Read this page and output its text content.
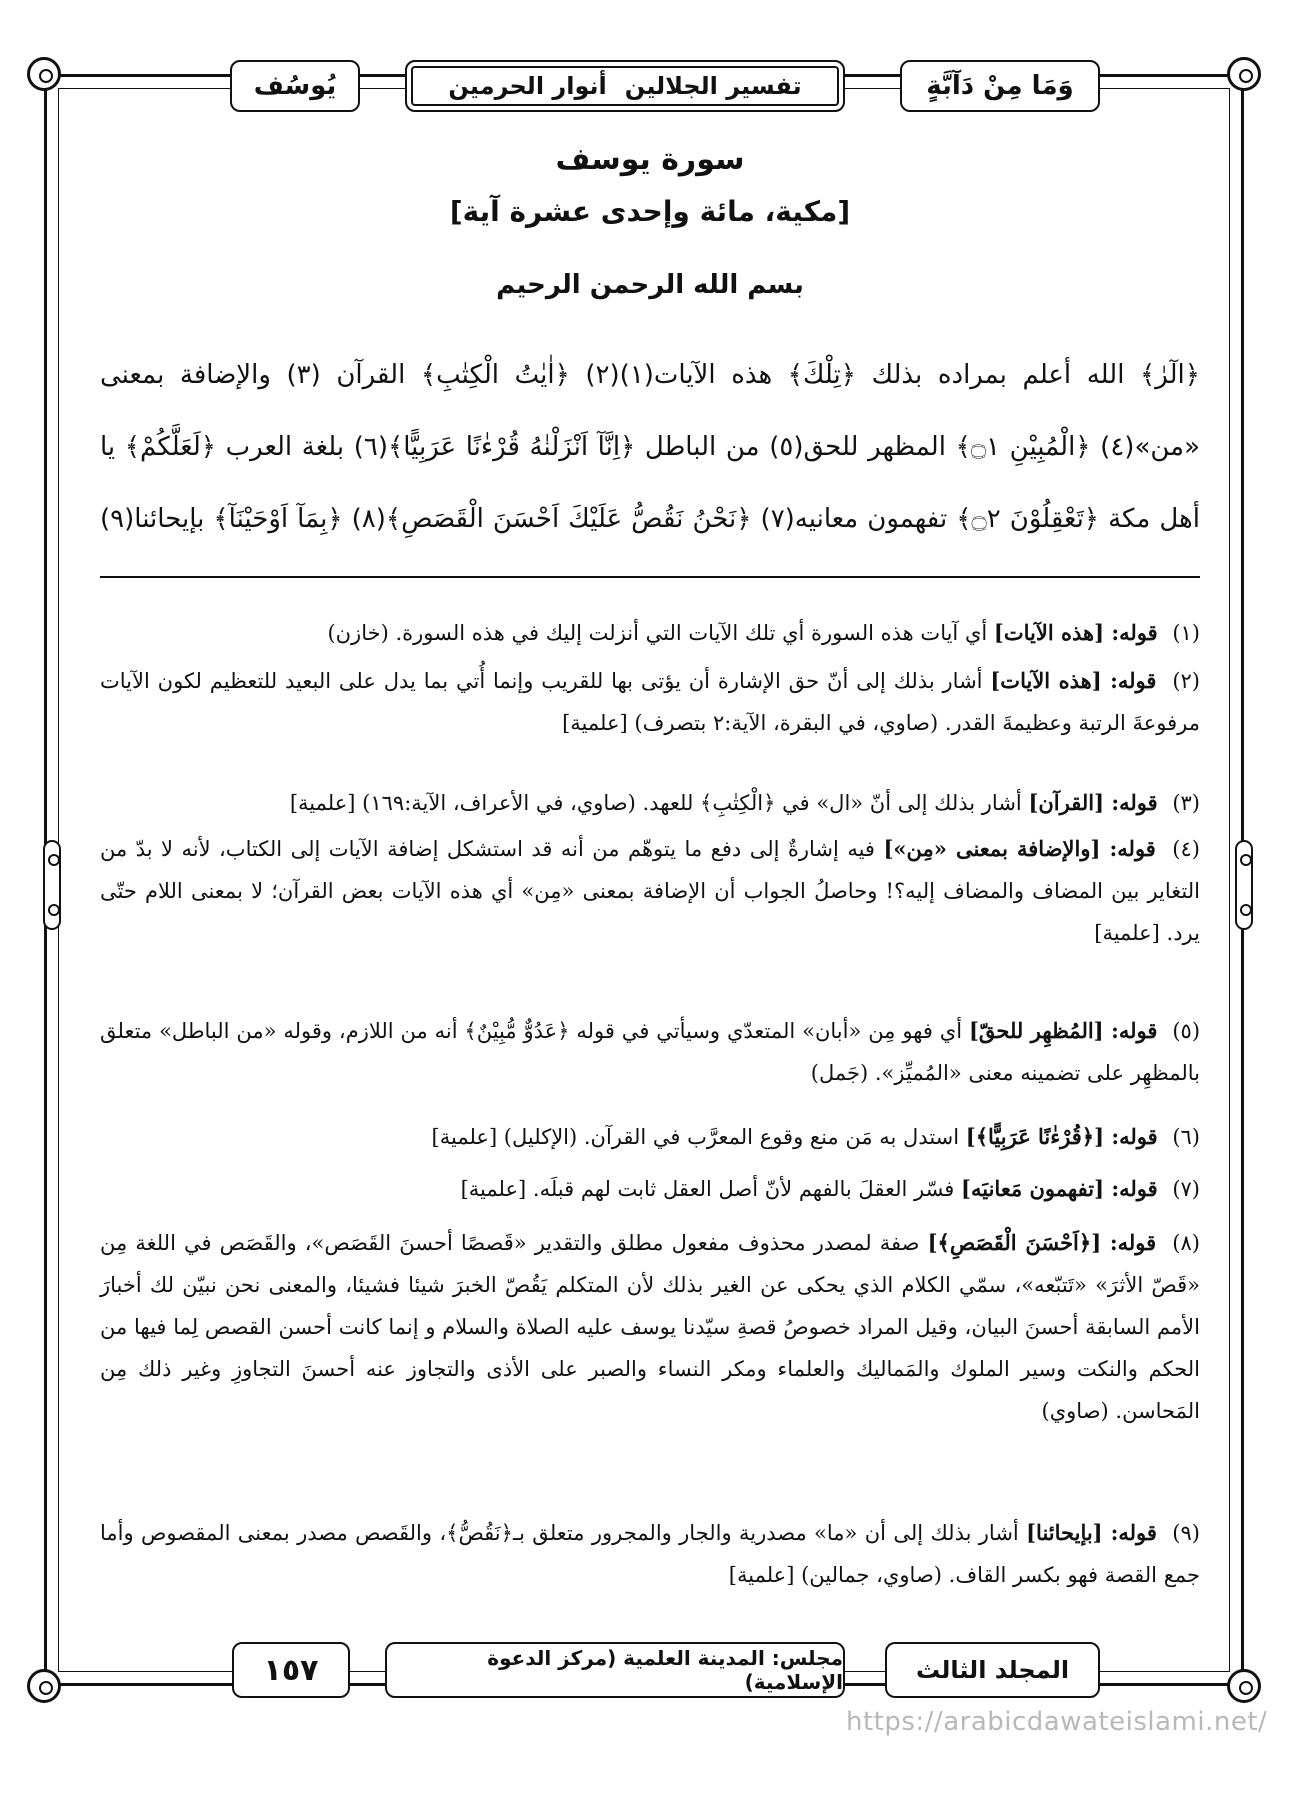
وَمَا مِنْ دَآبَّةٍ
تفسير الجلالين
أنوار الحرمين
يُوسُف
سورة يوسف
[مكية، مائة وإحدى عشرة آية]
بسم الله الرحمن الرحيم
﴿الٓرٰ﴾ الله أعلم بمراده بذلك ﴿تِلْكَ﴾ هذه الآيات(١)(٢) ﴿اٰيٰتُ الْكِتٰبِ﴾ القرآن (٣) والإضافة بمعنى
«من»(٤) ﴿الْمُبِيْنِ ۝١﴾ المظهر للحق(٥) من الباطل ﴿اِنَّآ اَنْزَلْنٰهُ قُرْءٰنًا عَرَبِيًّا﴾(٦) بلغة العرب ﴿لَعَلَّكُمْ﴾ يا
أهل مكة ﴿تَعْقِلُوْنَ ۝٢﴾ تفهمون معانيه(٧) ﴿نَحْنُ نَقُصُّ عَلَيْكَ اَحْسَنَ الْقَصَصِ﴾(٨) ﴿بِمَآ اَوْحَيْنَآ﴾ بإيحائنا(٩)
(١) قوله: [هذه الآيات] أي آيات هذه السورة أي تلك الآيات التي أنزلت إليك في هذه السورة. (خازن)
(٢) قوله: [هذه الآيات] أشار بذلك إلى أنّ حق الإشارة أن يؤتى بها للقريب وإنما أُتي بما يدل على البعيد للتعظيم لكون الآيات مرفوعةَ الرتبة وعظيمةَ القدر. (صاوي، في البقرة، الآية:٢ بتصرف) [علمية]
(٣) قوله: [القرآن] أشار بذلك إلى أنّ «ال» في ﴿الْكِتٰبِ﴾ للعهد. (صاوي، في الأعراف، الآية:١٦٩) [علمية]
(٤) قوله: [والإضافة بمعنى «مِن»] فيه إشارةٌ إلى دفع ما يتوهّم من أنه قد استشكل إضافة الآيات إلى الكتاب، لأنه لا بدّ من التغاير بين المضاف والمضاف إليه؟! وحاصلُ الجواب أن الإضافة بمعنى «مِن» أي هذه الآيات بعض القرآن؛ لا بمعنى اللام حتّى يرد. [علمية]
(٥) قوله: [المُظهِر للحقّ] أي فهو مِن «أبان» المتعدّي وسيأتي في قوله ﴿عَدُوٌّ مُّبِيْنٌ﴾ أنه من اللازم، وقوله «من الباطل» متعلق بالمظهِر على تضمينه معنى «المُميِّز». (جَمل)
(٦) قوله: [﴿قُرْءٰنًا عَرَبِيًّا﴾] استدل به مَن منع وقوع المعرَّب في القرآن. (الإكليل) [علمية]
(٧) قوله: [تفهمون مَعانيَه] فسّر العقلَ بالفهم لأنّ أصل العقل ثابت لهم قبلَه. [علمية]
(٨) قوله: [﴿اَحْسَنَ الْقَصَصِ﴾] صفة لمصدر محذوف مفعول مطلق والتقدير «قَصصًا أحسنَ القَصَص»، والقَصَص في اللغة مِن «قَصّ الأثرَ» «تَتبّعه»، سمّي الكلام الذي يحكى عن الغير بذلك لأن المتكلم يَقُصّ الخبرَ شيئا فشيئا، والمعنى نحن نبيّن لك أخبارَ الأمم السابقة أحسنَ البيان، وقيل المراد خصوصُ قصةِ سيّدنا يوسف عليه الصلاة والسلام و إنما كانت أحسن القصص لِما فيها من الحكم والنكت وسير الملوك والمَماليك والعلماء ومكر النساء والصبر على الأذى والتجاوز عنه أحسنَ التجاوزِ وغير ذلك مِن المَحاسن. (صاوي)
(٩) قوله: [بإيحائنا] أشار بذلك إلى أن «ما» مصدرية والجار والمجرور متعلق بـ﴿نَقُصُّ﴾، والقَصص مصدر بمعنى المقصوص وأما جمع القصة فهو بكسر القاف. (صاوي، جمالين) [علمية]
المجلد الثالث
مجلس: المدينة العلمية (مركز الدعوة الإسلامية)
١٥٧
https://arabicdawateislami.net/
